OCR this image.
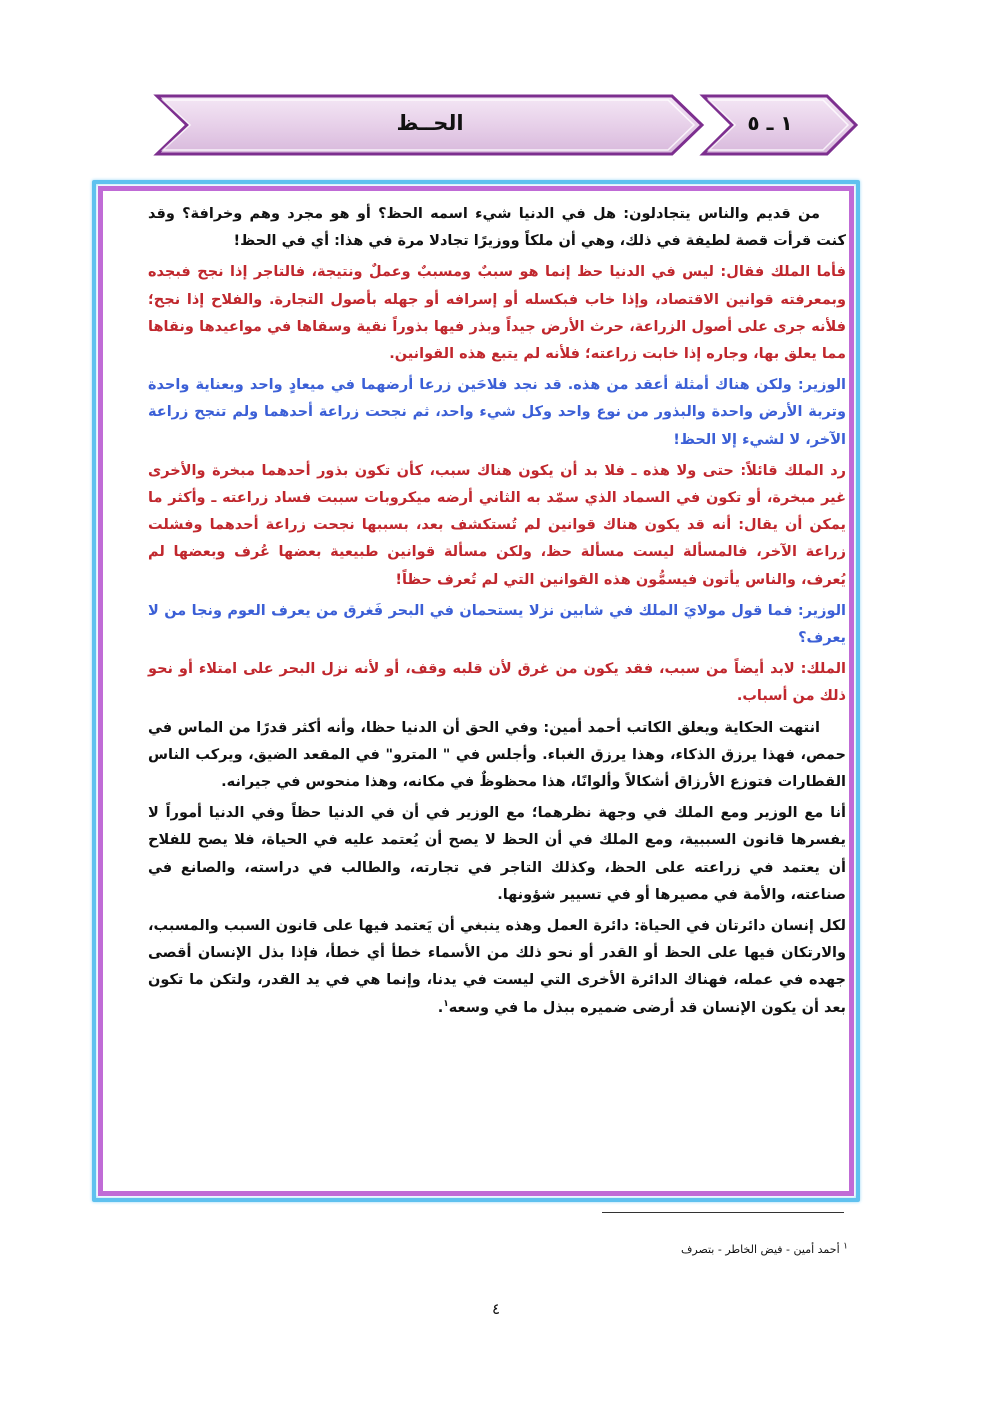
الحــظ	١ ـ ٥

من قديم والناس يتجادلون: هل في الدنيا شيء اسمه الحظ؟ أو هو مجرد وهم وخرافة؟ وقد كنت قرأت قصة لطيفة في ذلك، وهي أن ملكاً ووزيرًا تجادلا مرة في هذا: أي في الحظ!

فأما الملك فقال: ليس في الدنيا حظ إنما هو سببٌ ومسببٌ وعملٌ ونتيجة، فالتاجر إذا نجح فبجده وبمعرفته قوانين الاقتصاد، وإذا خاب فبكسله أو إسرافه أو جهله بأصول التجارة. والفلاح إذا نجح؛ فلأنه جرى على أصول الزراعة، حرث الأرض جيداً وبذر فيها بذوراً نقية وسقاها في مواعيدها ونقاها مما يعلق بها، وجاره إذا خابت زراعته؛ فلأنه لم يتبع هذه القوانين.

الوزير: ولكن هناك أمثلة أعقد من هذه. قد نجد فلاحَين زرعا أرضهما في ميعادٍ واحد وبعناية واحدة وتربة الأرض واحدة والبذور من نوع واحد وكل شيء واحد، ثم نجحت زراعة أحدهما ولم تنجح زراعة الآخر، لا لشيء إلا الحظ!

رد الملك قائلاً: حتى ولا هذه ـ فلا بد أن يكون هناك سبب، كأن تكون بذور أحدهما مبخرة والأخرى غير مبخرة، أو تكون في السماد الذي سمّد به الثاني أرضه ميكروبات سببت فساد زراعته ـ وأكثر ما يمكن أن يقال: أنه قد يكون هناك قوانين لم تُستكشف بعد، بسببها نجحت زراعة أحدهما وفشلت زراعة الآخر، فالمسألة ليست مسألة حظ، ولكن مسألة قوانين طبيعية بعضها عُرف وبعضها لم يُعرف، والناس يأتون فيسمُّون هذه القوانين التي لم تُعرف حظاً!

الوزير: فما قول مولايَ الملك في شابين نزلا يستحمان في البحر فَغرق من يعرف العوم ونجا من لا يعرف؟

الملك: لابد أيضاً من سبب، فقد يكون من غرق لأن قلبه وقف، أو لأنه نزل البحر على امتلاء أو نحو ذلك من أسباب.

انتهت الحكاية ويعلق الكاتب أحمد أمين: وفي الحق أن الدنيا حظا، وأنه أكثر قدرًا من الماس في حمص، فهذا يرزق الذكاء، وهذا يرزق الغباء. وأجلس في " المترو" في المقعد الضيق، ويركب الناس القطارات فتوزع الأرزاق أشكالاً وألوانًا، هذا محظوظٌ في مكانه، وهذا منحوس في جيرانه.

أنا مع الوزير ومع الملك في وجهة نظرهما؛ مع الوزير في أن في الدنيا حظاً وفي الدنيا أموراً لا يفسرها قانون السببية، ومع الملك في أن الحظ لا يصح أن يُعتمد عليه في الحياة، فلا يصح للفلاح أن يعتمد في زراعته على الحظ، وكذلك التاجر في تجارته، والطالب في دراسته، والصانع في صناعته، والأمة في مصيرها أو في تسيير شؤونها.

لكل إنسان دائرتان في الحياة: دائرة العمل وهذه ينبغي أن يَعتمد فيها على قانون السبب والمسبب، والارتكان فيها على الحظ أو القدر أو نحو ذلك من الأسماء خطأ أي خطأ، فإذا بذل الإنسان أقصى جهده في عمله، فهناك الدائرة الأخرى التي ليست في يدنا، وإنما هي في يد القدر، ولتكن ما تكون بعد أن يكون الإنسان قد أرضى ضميره ببذل ما في وسعه$^١$.

$^١$ أحمد أمين - فيض الخاطر - بتصرف
٤
